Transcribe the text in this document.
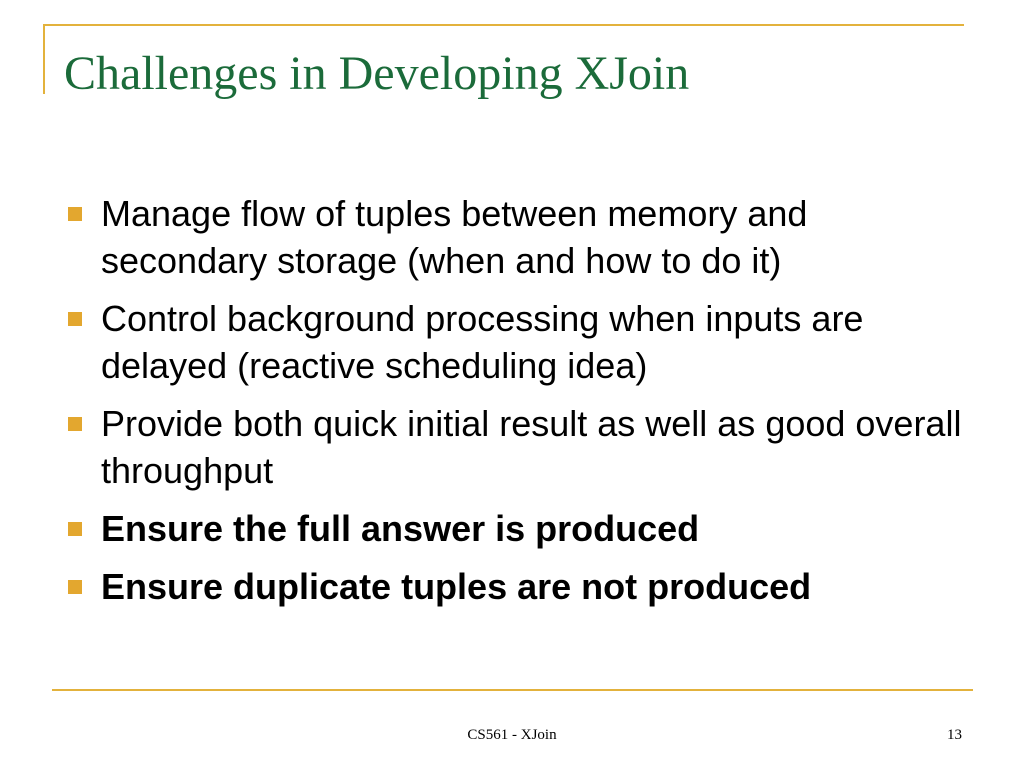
Challenges in Developing XJoin
Manage flow of tuples between memory and secondary storage (when and how to do it)
Control background processing when inputs are delayed (reactive scheduling idea)
Provide both quick initial result as well as good overall throughput
Ensure the full answer is produced
Ensure duplicate tuples are not produced
CS561 - XJoin	13
